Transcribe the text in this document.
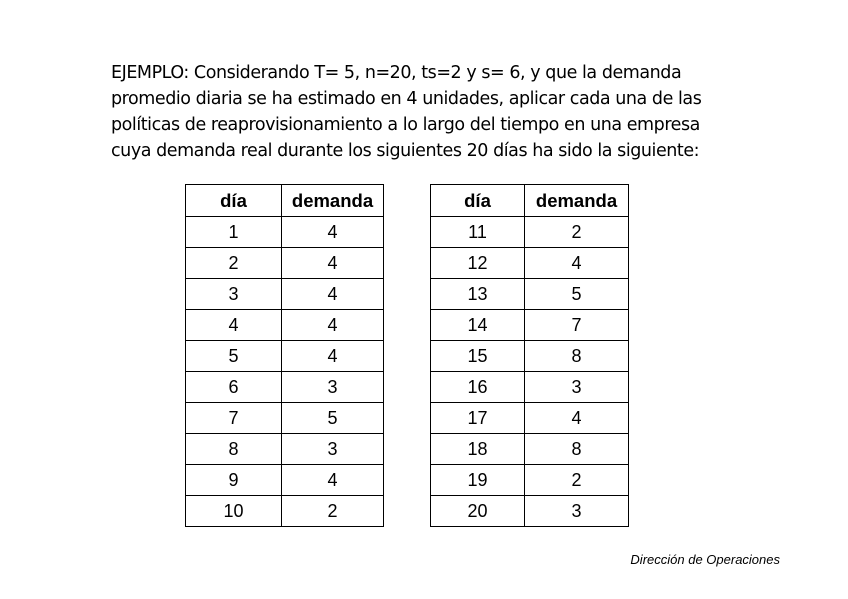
EJEMPLO: Considerando T= 5, n=20, ts=2 y s= 6, y que la demanda
promedio diaria se ha estimado en 4 unidades, aplicar cada una de las
políticas de reaprovisionamiento a lo largo del tiempo en una empresa
cuya demanda real durante los siguientes 20 días ha sido la siguiente:

día	demanda
1	4
2	4
3	4
4	4
5	4
6	3
7	5
8	3
9	4
10	2
día	demanda
11	2
12	4
13	5
14	7
15	8
16	3
17	4
18	8
19	2
20	3
Dirección de Operaciones
